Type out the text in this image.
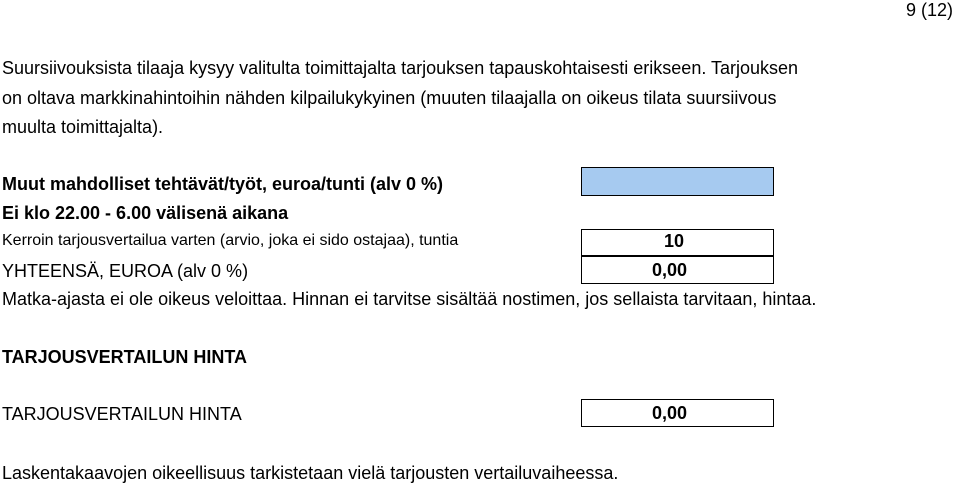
9 (12)
Suursiivouksista tilaaja kysyy valitulta toimittajalta tarjouksen tapauskohtaisesti erikseen. Tarjouksen
on oltava markkinahintoihin nähden kilpailukykyinen (muuten tilaajalla on oikeus tilata suursiivous
muulta toimittajalta).
Muut mahdolliset tehtävät/työt, euroa/tunti (alv 0 %)
Ei klo 22.00 - 6.00 välisenä aikana
Kerroin tarjousvertailua varten (arvio, joka ei sido ostajaa), tuntia	10
YHTEENSÄ, EUROA (alv 0 %)	0,00
Matka-ajasta ei ole oikeus veloittaa. Hinnan ei tarvitse sisältää nostimen, jos sellaista tarvitaan, hintaa.
TARJOUSVERTAILUN HINTA
TARJOUSVERTAILUN HINTA	0,00
Laskentakaavojen oikeellisuus tarkistetaan vielä tarjousten vertailuvaiheessa.
